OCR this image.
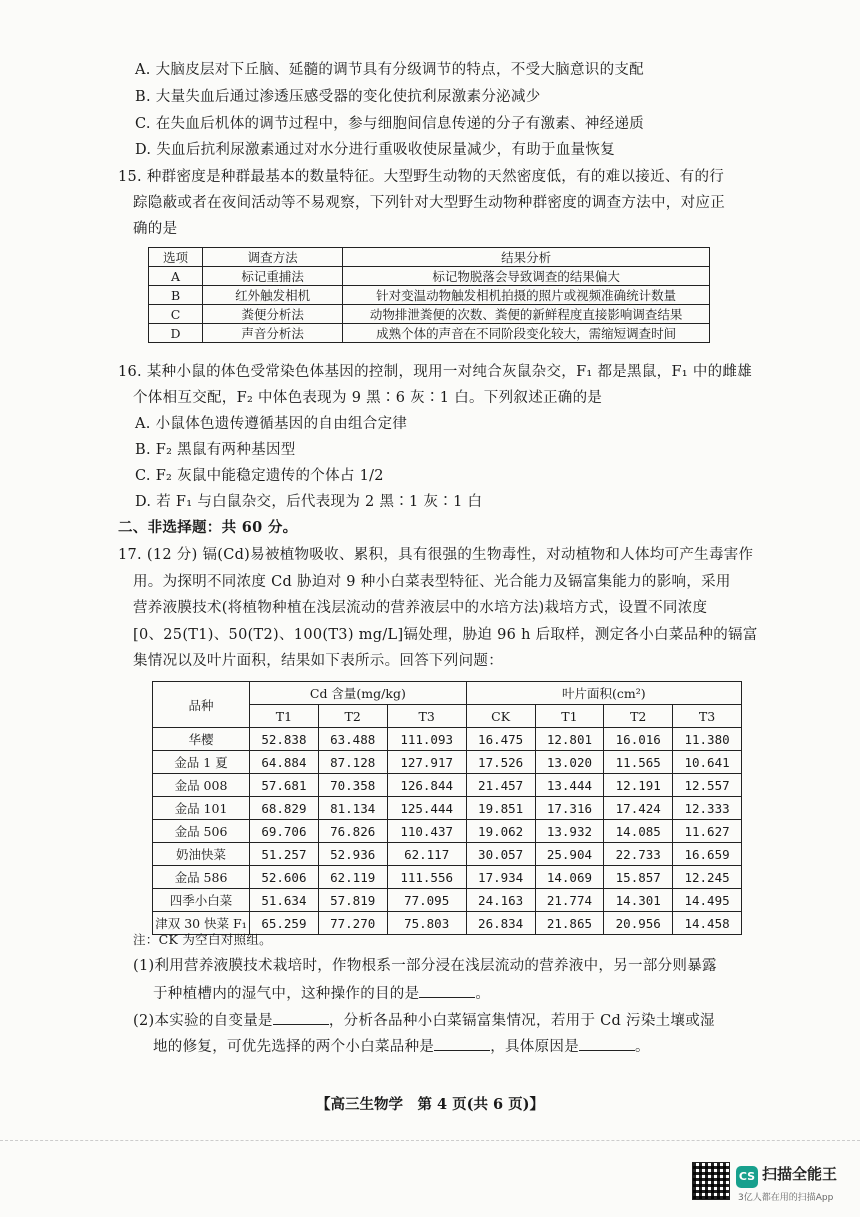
A. 大脑皮层对下丘脑、延髓的调节具有分级调节的特点，不受大脑意识的支配
B. 大量失血后通过渗透压感受器的变化使抗利尿激素分泌减少
C. 在失血后机体的调节过程中，参与细胞间信息传递的分子有激素、神经递质
D. 失血后抗利尿激素通过对水分进行重吸收使尿量减少，有助于血量恢复
15. 种群密度是种群最基本的数量特征。大型野生动物的天然密度低，有的难以接近、有的行
踪隐蔽或者在夜间活动等不易观察，下列针对大型野生动物种群密度的调查方法中，对应正
确的是
选项	调查方法	结果分析
A	标记重捕法	标记物脱落会导致调查的结果偏大
B	红外触发相机	针对变温动物触发相机拍摄的照片或视频准确统计数量
C	粪便分析法	动物排泄粪便的次数、粪便的新鲜程度直接影响调查结果
D	声音分析法	成熟个体的声音在不同阶段变化较大，需缩短调查时间
16. 某种小鼠的体色受常染色体基因的控制，现用一对纯合灰鼠杂交，F₁ 都是黑鼠，F₁ 中的雌雄
个体相互交配，F₂ 中体色表现为 9 黑∶6 灰∶1 白。下列叙述正确的是
A. 小鼠体色遗传遵循基因的自由组合定律
B. F₂ 黑鼠有两种基因型
C. F₂ 灰鼠中能稳定遗传的个体占 1/2
D. 若 F₁ 与白鼠杂交，后代表现为 2 黑∶1 灰∶1 白
二、非选择题：共 60 分。
17. (12 分) 镉(Cd)易被植物吸收、累积，具有很强的生物毒性，对动植物和人体均可产生毒害作
用。为探明不同浓度 Cd 胁迫对 9 种小白菜表型特征、光合能力及镉富集能力的影响，采用
营养液膜技术(将植物种植在浅层流动的营养液层中的水培方法)栽培方式，设置不同浓度
[0、25(T1)、50(T2)、100(T3) mg/L]镉处理，胁迫 96 h 后取样，测定各小白菜品种的镉富
集情况以及叶片面积，结果如下表所示。回答下列问题：
品种	Cd 含量(mg/kg)			叶片面积(cm²)			
	T1	T2	T3	CK	T1	T2	T3
华樱	52.838	63.488	111.093	16.475	12.801	16.016	11.380
金品 1 夏	64.884	87.128	127.917	17.526	13.020	11.565	10.641
金品 008	57.681	70.358	126.844	21.457	13.444	12.191	12.557
金品 101	68.829	81.134	125.444	19.851	17.316	17.424	12.333
金品 506	69.706	76.826	110.437	19.062	13.932	14.085	11.627
奶油快菜	51.257	52.936	62.117	30.057	25.904	22.733	16.659
金品 586	52.606	62.119	111.556	17.934	14.069	15.857	12.245
四季小白菜	51.634	57.819	77.095	24.163	21.774	14.301	14.495
津双 30 快菜 F₁	65.259	77.270	75.803	26.834	21.865	20.956	14.458
注：CK 为空白对照组。
(1)利用营养液膜技术栽培时，作物根系一部分浸在浅层流动的营养液中，另一部分则暴露
于种植槽内的湿气中，这种操作的目的是	。
(2)本实验的自变量是	，分析各品种小白菜镉富集情况，若用于 Cd 污染土壤或湿
地的修复，可优先选择的两个小白菜品种是	，具体原因是	。
【高三生物学　第 4 页(共 6 页)】
CS 扫描全能王
3亿人都在用的扫描App
